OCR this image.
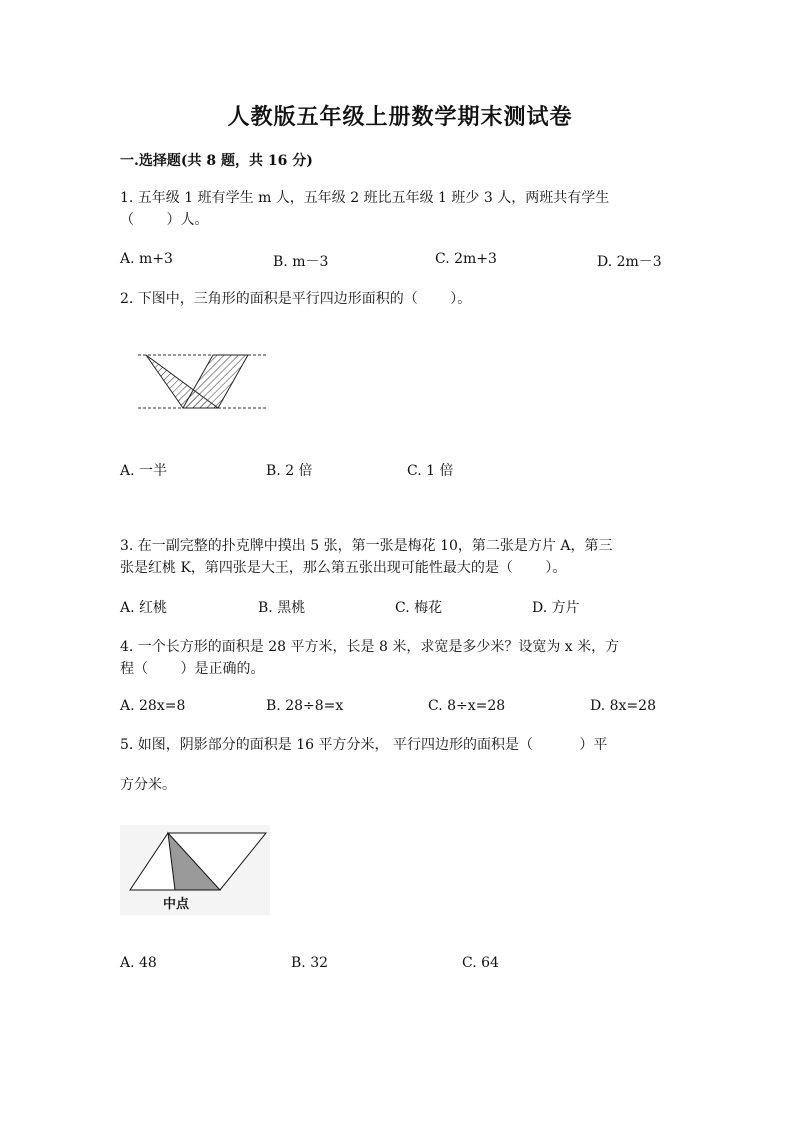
人教版五年级上册数学期末测试卷
一.选择题(共 8 题，共 16 分)
1. 五年级 1 班有学生 m 人，五年级 2 班比五年级 1 班少 3 人，两班共有学生
（　　 ）人。
A. m+3	B. m－3	C. 2m+3	D. 2m－3
2. 下图中，三角形的面积是平行四边形面积的（　　 ）。
A. 一半	B. 2 倍	C. 1 倍
3. 在一副完整的扑克牌中摸出 5 张，第一张是梅花 10，第二张是方片 A，第三
张是红桃 K，第四张是大王，那么第五张出现可能性最大的是（　　 ）。
A. 红桃	B. 黑桃	C. 梅花	D. 方片
4. 一个长方形的面积是 28 平方米，长是 8 米，求宽是多少米？设宽为 x 米，方
程（　　 ）是正确的。
A. 28x=8	B. 28÷8=x	C. 8÷x=28	D. 8x=28
5. 如图，阴影部分的面积是 16 平方分米， 平行四边形的面积是（　　　 ）平
方分米。
中点
A. 48	B. 32	C. 64
